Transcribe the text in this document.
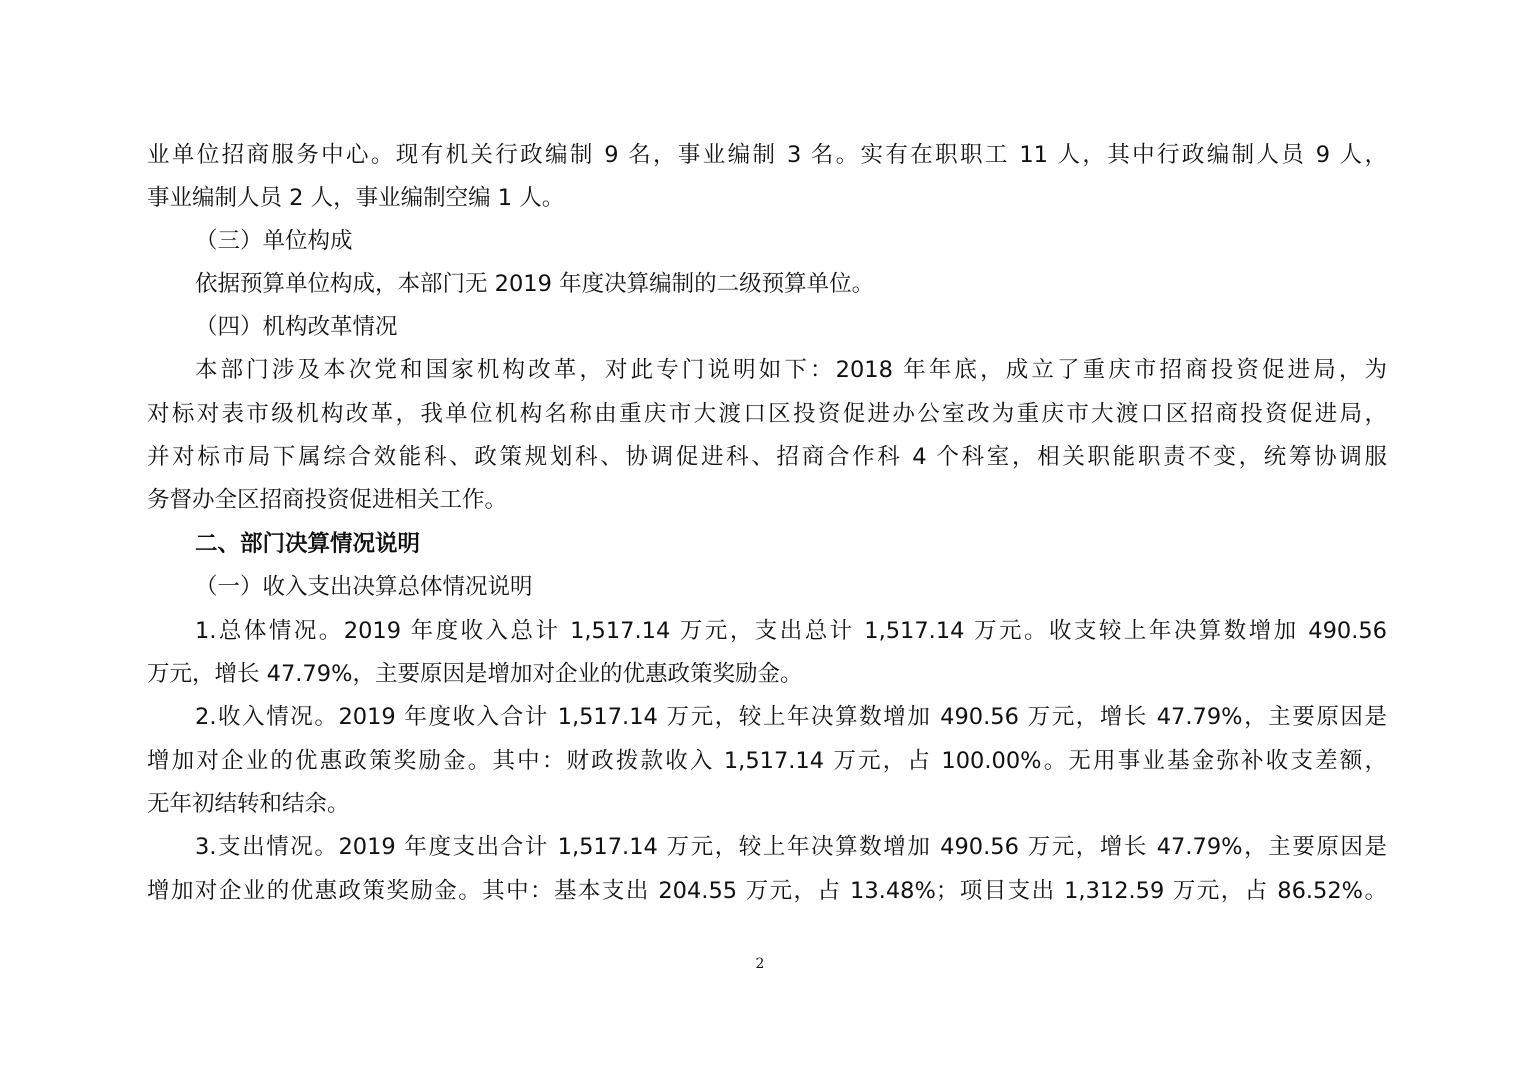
业单位招商服务中心。现有机关行政编制 9 名，事业编制 3 名。实有在职职工 11 人，其中行政编制人员 9 人，
事业编制人员 2 人，事业编制空编 1 人。
（三）单位构成
依据预算单位构成，本部门无 2019 年度决算编制的二级预算单位。
（四）机构改革情况
本部门涉及本次党和国家机构改革，对此专门说明如下：2018 年年底，成立了重庆市招商投资促进局，为
对标对表市级机构改革，我单位机构名称由重庆市大渡口区投资促进办公室改为重庆市大渡口区招商投资促进局，
并对标市局下属综合效能科、政策规划科、协调促进科、招商合作科 4 个科室，相关职能职责不变，统筹协调服
务督办全区招商投资促进相关工作。
二、部门决算情况说明
（一）收入支出决算总体情况说明
1.总体情况。2019 年度收入总计 1,517.14 万元，支出总计 1,517.14 万元。收支较上年决算数增加 490.56
万元，增长 47.79%，主要原因是增加对企业的优惠政策奖励金。
2.收入情况。2019 年度收入合计 1,517.14 万元，较上年决算数增加 490.56 万元，增长 47.79%，主要原因是
增加对企业的优惠政策奖励金。其中：财政拨款收入 1,517.14 万元，占 100.00%。无用事业基金弥补收支差额，
无年初结转和结余。
3.支出情况。2019 年度支出合计 1,517.14 万元，较上年决算数增加 490.56 万元，增长 47.79%，主要原因是
增加对企业的优惠政策奖励金。其中：基本支出 204.55 万元，占 13.48%；项目支出 1,312.59 万元，占 86.52%。
2
